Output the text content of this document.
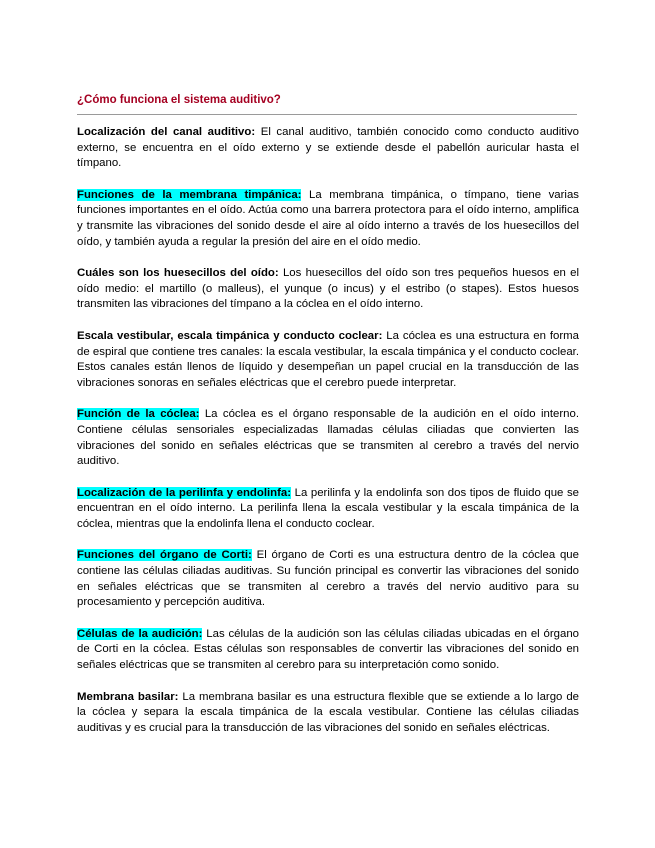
¿Cómo funciona el sistema auditivo?

Localización del canal auditivo: El canal auditivo, también conocido como conducto auditivo externo, se encuentra en el oído externo y se extiende desde el pabellón auricular hasta el tímpano.

Funciones de la membrana timpánica: La membrana timpánica, o tímpano, tiene varias funciones importantes en el oído. Actúa como una barrera protectora para el oído interno, amplifica y transmite las vibraciones del sonido desde el aire al oído interno a través de los huesecillos del oído, y también ayuda a regular la presión del aire en el oído medio.

Cuáles son los huesecillos del oído: Los huesecillos del oído son tres pequeños huesos en el oído medio: el martillo (o malleus), el yunque (o incus) y el estribo (o stapes). Estos huesos transmiten las vibraciones del tímpano a la cóclea en el oído interno.

Escala vestibular, escala timpánica y conducto coclear: La cóclea es una estructura en forma de espiral que contiene tres canales: la escala vestibular, la escala timpánica y el conducto coclear. Estos canales están llenos de líquido y desempeñan un papel crucial en la transducción de las vibraciones sonoras en señales eléctricas que el cerebro puede interpretar.

Función de la cóclea: La cóclea es el órgano responsable de la audición en el oído interno. Contiene células sensoriales especializadas llamadas células ciliadas que convierten las vibraciones del sonido en señales eléctricas que se transmiten al cerebro a través del nervio auditivo.

Localización de la perilinfa y endolinfa: La perilinfa y la endolinfa son dos tipos de fluido que se encuentran en el oído interno. La perilinfa llena la escala vestibular y la escala timpánica de la cóclea, mientras que la endolinfa llena el conducto coclear.

Funciones del órgano de Corti: El órgano de Corti es una estructura dentro de la cóclea que contiene las células ciliadas auditivas. Su función principal es convertir las vibraciones del sonido en señales eléctricas que se transmiten al cerebro a través del nervio auditivo para su procesamiento y percepción auditiva.

Células de la audición: Las células de la audición son las células ciliadas ubicadas en el órgano de Corti en la cóclea. Estas células son responsables de convertir las vibraciones del sonido en señales eléctricas que se transmiten al cerebro para su interpretación como sonido.

Membrana basilar: La membrana basilar es una estructura flexible que se extiende a lo largo de la cóclea y separa la escala timpánica de la escala vestibular. Contiene las células ciliadas auditivas y es crucial para la transducción de las vibraciones del sonido en señales eléctricas.
